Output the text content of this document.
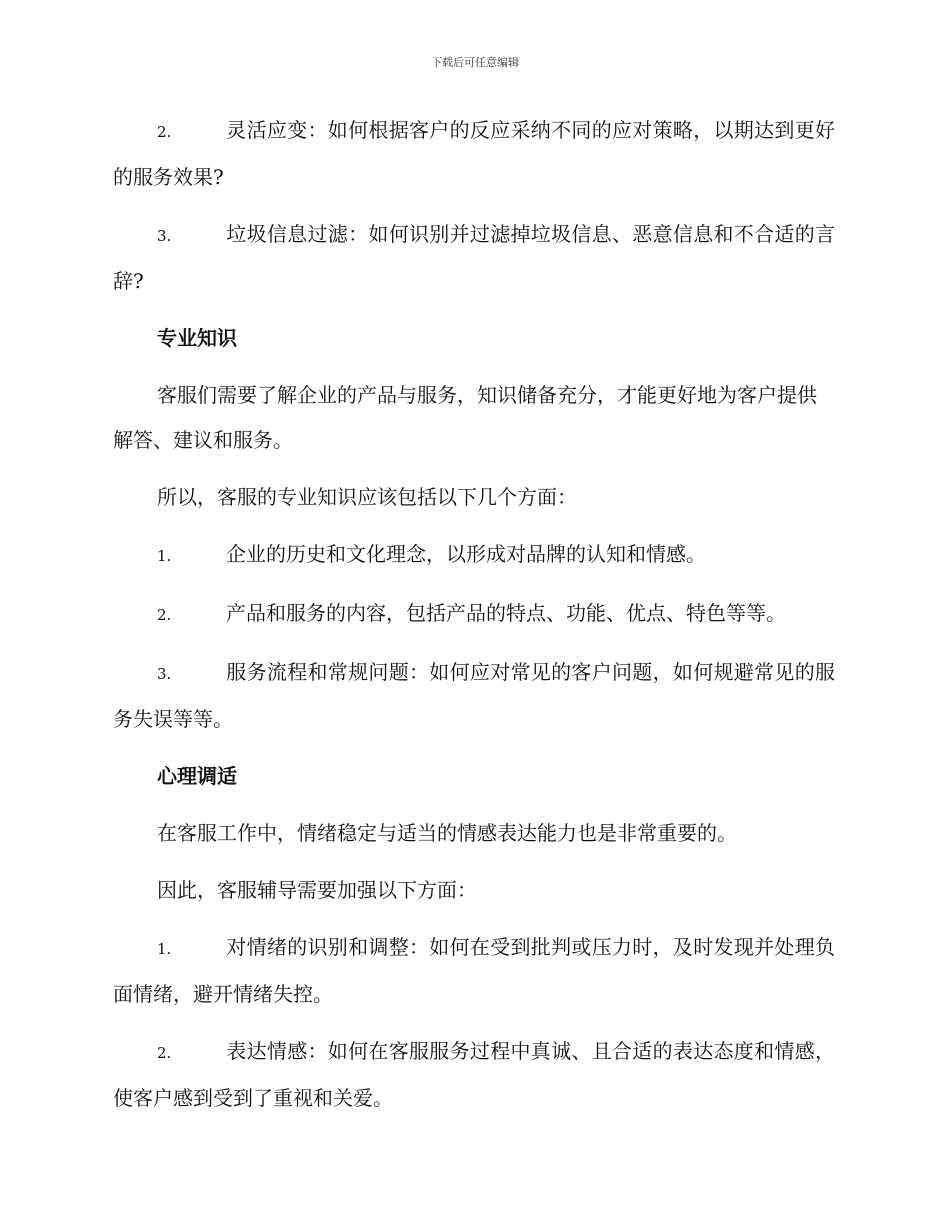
下载后可任意编辑
2.	灵活应变：如何根据客户的反应采纳不同的应对策略，以期达到更好的服务效果?
3.	垃圾信息过滤：如何识别并过滤掉垃圾信息、恶意信息和不合适的言辞?
专业知识
客服们需要了解企业的产品与服务，知识储备充分，才能更好地为客户提供解答、建议和服务。
所以，客服的专业知识应该包括以下几个方面：
1.	企业的历史和文化理念，以形成对品牌的认知和情感。
2.	产品和服务的内容，包括产品的特点、功能、优点、特色等等。
3.	服务流程和常规问题：如何应对常见的客户问题，如何规避常见的服务失误等等。
心理调适
在客服工作中，情绪稳定与适当的情感表达能力也是非常重要的。
因此，客服辅导需要加强以下方面：
1.	对情绪的识别和调整：如何在受到批判或压力时，及时发现并处理负面情绪，避开情绪失控。
2.	表达情感：如何在客服服务过程中真诚、且合适的表达态度和情感，使客户感到受到了重视和关爱。
